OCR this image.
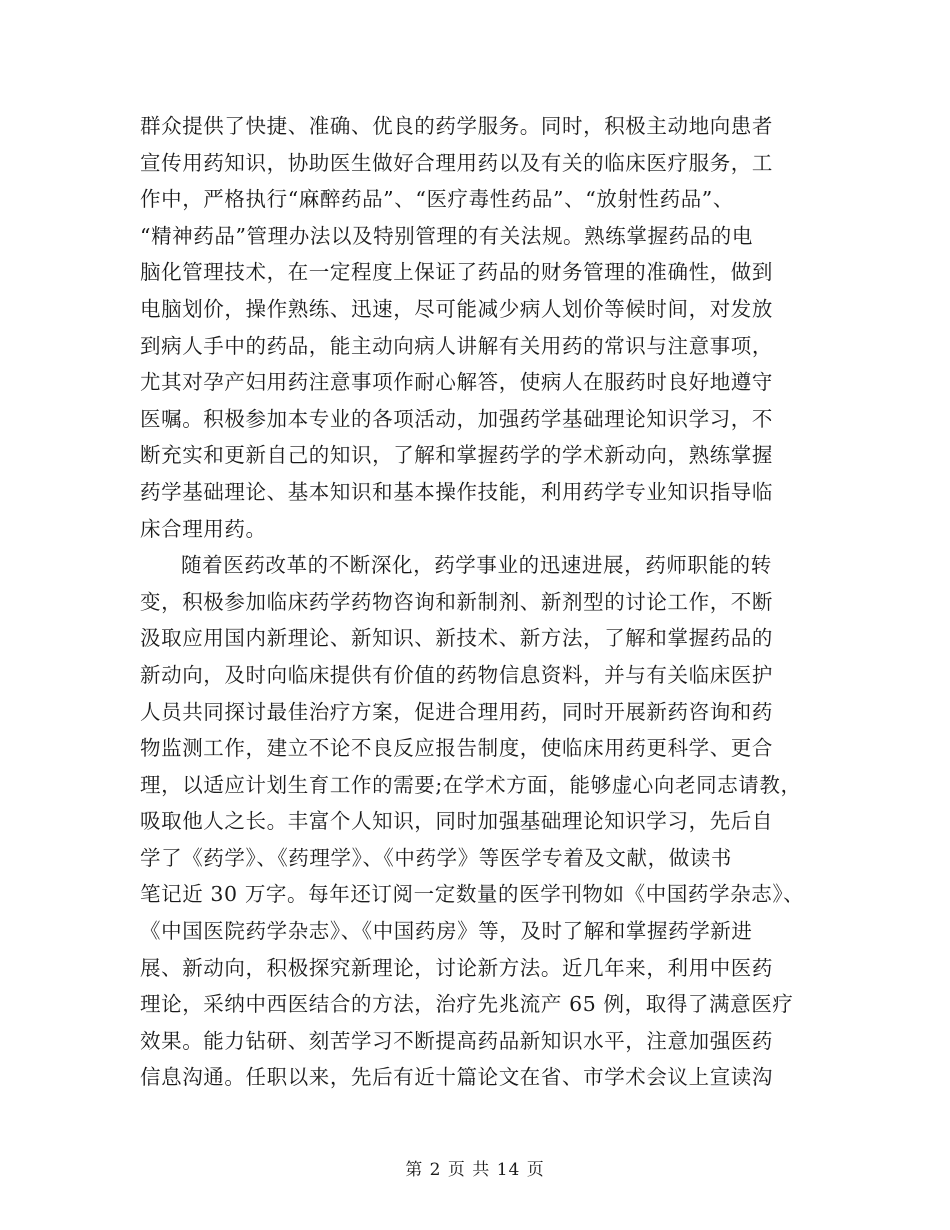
群众提供了快捷、准确、优良的药学服务。同时，积极主动地向患者
宣传用药知识，协助医生做好合理用药以及有关的临床医疗服务，工
作中，严格执行“麻醉药品”、“医疗毒性药品”、“放射性药品”、
“精神药品”管理办法以及特别管理的有关法规。熟练掌握药品的电
脑化管理技术，在一定程度上保证了药品的财务管理的准确性，做到
电脑划价，操作熟练、迅速，尽可能减少病人划价等候时间，对发放
到病人手中的药品，能主动向病人讲解有关用药的常识与注意事项，
尤其对孕产妇用药注意事项作耐心解答，使病人在服药时良好地遵守
医嘱。积极参加本专业的各项活动，加强药学基础理论知识学习，不
断充实和更新自己的知识，了解和掌握药学的学术新动向，熟练掌握
药学基础理论、基本知识和基本操作技能，利用药学专业知识指导临
床合理用药。
随着医药改革的不断深化，药学事业的迅速进展，药师职能的转
变，积极参加临床药学药物咨询和新制剂、新剂型的讨论工作，不断
汲取应用国内新理论、新知识、新技术、新方法，了解和掌握药品的
新动向，及时向临床提供有价值的药物信息资料，并与有关临床医护
人员共同探讨最佳治疗方案，促进合理用药，同时开展新药咨询和药
物监测工作，建立不论不良反应报告制度，使临床用药更科学、更合
理，以适应计划生育工作的需要;在学术方面，能够虚心向老同志请教，
吸取他人之长。丰富个人知识，同时加强基础理论知识学习，先后自
学了《药学》、《药理学》、《中药学》等医学专着及文献，做读书
笔记近 30 万字。每年还订阅一定数量的医学刊物如《中国药学杂志》、
《中国医院药学杂志》、《中国药房》等，及时了解和掌握药学新进
展、新动向，积极探究新理论，讨论新方法。近几年来，利用中医药
理论，采纳中西医结合的方法，治疗先兆流产 65 例，取得了满意医疗
效果。能力钻研、刻苦学习不断提高药品新知识水平，注意加强医药
信息沟通。任职以来，先后有近十篇论文在省、市学术会议上宣读沟
第 2 页 共 14 页
